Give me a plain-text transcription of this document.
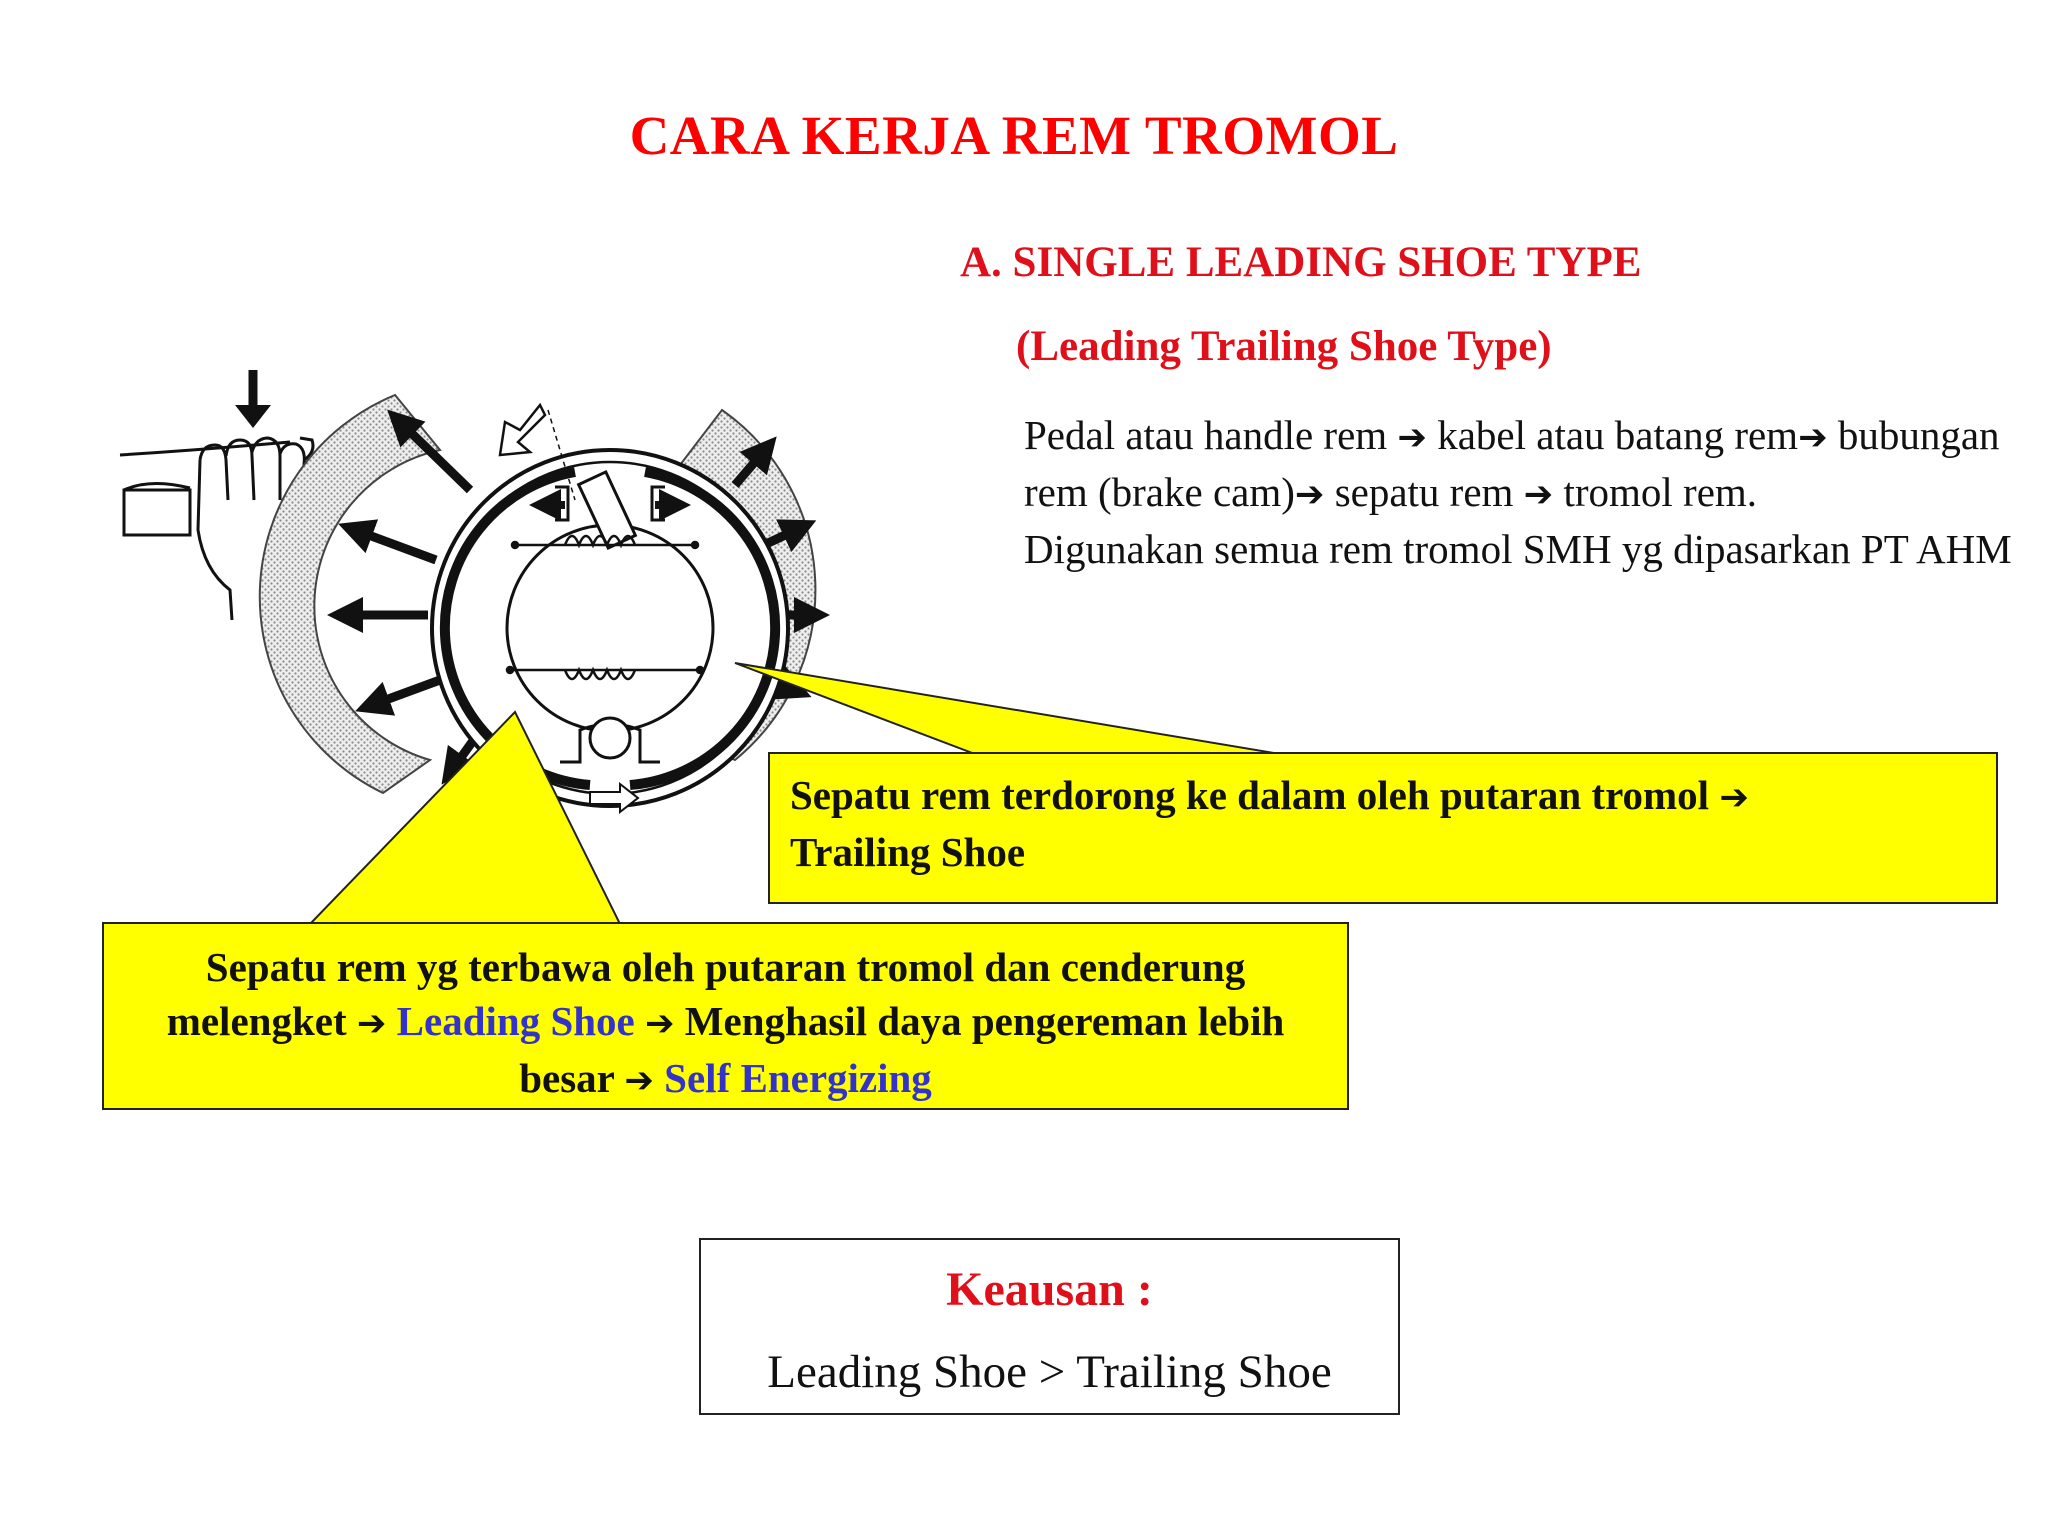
CARA KERJA REM TROMOL
A. SINGLE LEADING SHOE TYPE
(Leading Trailing Shoe Type)

Pedal atau handle rem ➔ kabel atau batang rem➔ bubungan rem (brake cam)➔ sepatu rem ➔ tromol rem.

Digunakan semua rem tromol SMH yg dipasarkan PT AHM

Sepatu rem terdorong ke dalam oleh putaran tromol ➔
Trailing Shoe
Sepatu rem yg terbawa oleh putaran tromol dan cenderung melengket ➔ Leading Shoe ➔ Menghasil daya pengereman lebih besar ➔ Self Energizing
Keausan :
Leading Shoe > Trailing Shoe
